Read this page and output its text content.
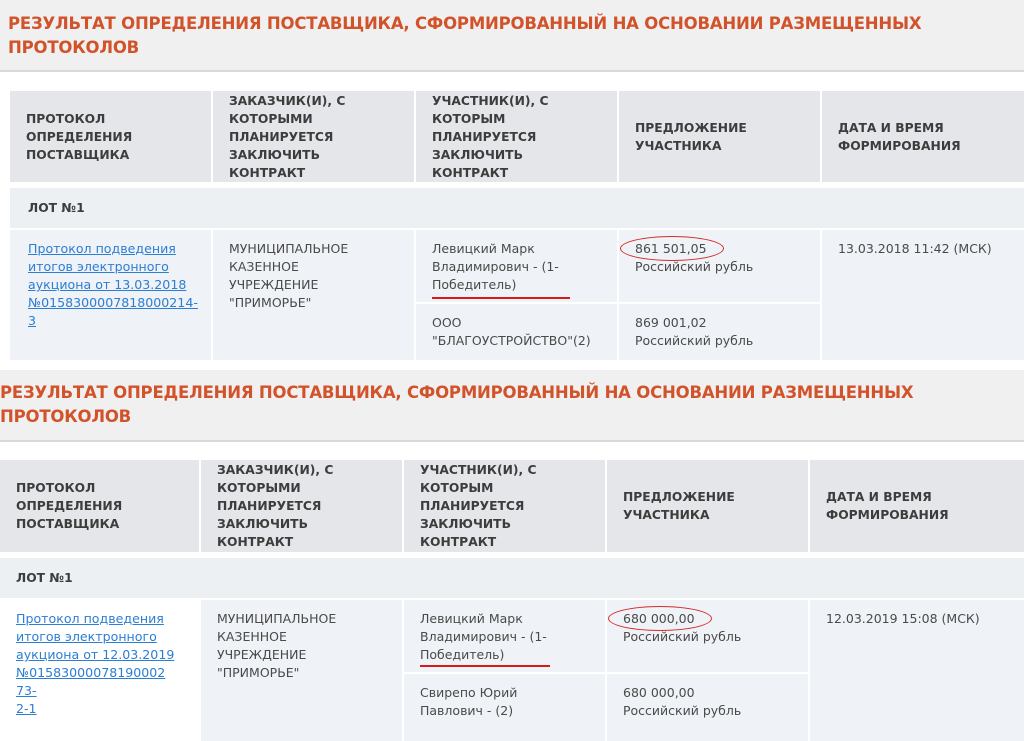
РЕЗУЛЬТАТ ОПРЕДЕЛЕНИЯ ПОСТАВЩИКА, СФОРМИРОВАННЫЙ НА ОСНОВАНИИ РАЗМЕЩЕННЫХ
ПРОТОКОЛОВ
ПРОТОКОЛ
ОПРЕДЕЛЕНИЯ
ПОСТАВЩИКА
ЗАКАЗЧИК(И), С
КОТОРЫМИ
ПЛАНИРУЕТСЯ
ЗАКЛЮЧИТЬ КОНТРАКТ
УЧАСТНИК(И), С
КОТОРЫМ
ПЛАНИРУЕТСЯ
ЗАКЛЮЧИТЬ КОНТРАКТ
ПРЕДЛОЖЕНИЕ
УЧАСТНИКА
ДАТА И ВРЕМЯ
ФОРМИРОВАНИЯ
ЛОТ №1
Протокол подведения
итогов электронного
аукциона от 13.03.2018
№0158300007818000214-3
МУНИЦИПАЛЬНОЕ
КАЗЕННОЕ
УЧРЕЖДЕНИЕ
"ПРИМОРЬЕ"
Левицкий Марк
Владимирович - (1-
Победитель)
861 501,05
Российский рубль
13.03.2018 11:42 (МСК)
ООО
"БЛАГОУСТРОЙСТВО"(2)
869 001,02
Российский рубль
РЕЗУЛЬТАТ ОПРЕДЕЛЕНИЯ ПОСТАВЩИКА, СФОРМИРОВАННЫЙ НА ОСНОВАНИИ РАЗМЕЩЕННЫХ
ПРОТОКОЛОВ
ПРОТОКОЛ
ОПРЕДЕЛЕНИЯ
ПОСТАВЩИКА
ЗАКАЗЧИК(И), С
КОТОРЫМИ
ПЛАНИРУЕТСЯ
ЗАКЛЮЧИТЬ КОНТРАКТ
УЧАСТНИК(И), С
КОТОРЫМ
ПЛАНИРУЕТСЯ
ЗАКЛЮЧИТЬ КОНТРАКТ
ПРЕДЛОЖЕНИЕ
УЧАСТНИКА
ДАТА И ВРЕМЯ
ФОРМИРОВАНИЯ
ЛОТ №1
Протокол подведения
итогов электронного
аукциона от 12.03.2019
№01583000078190002​73-
2-1
МУНИЦИПАЛЬНОЕ
КАЗЕННОЕ
УЧРЕЖДЕНИЕ
"ПРИМОРЬЕ"
Левицкий Марк
Владимирович - (1-
Победитель)
680 000,00
Российский рубль
12.03.2019 15:08 (МСК)
Свирепо Юрий
Павлович - (2)
680 000,00
Российский рубль
